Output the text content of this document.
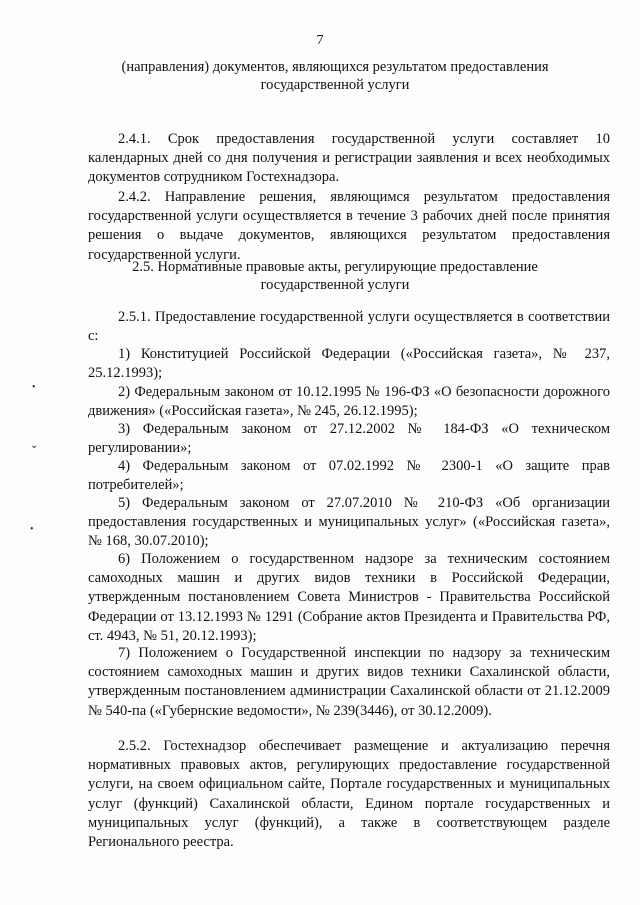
7
(направления) документов, являющихся результатом предоставления
государственной услуги

2.4.1. Срок предоставления государственной услуги составляет 10 календарных дней со дня получения и регистрации заявления и всех необходимых документов сотрудником Гостехнадзора.

2.4.2. Направление решения, являющимся результатом предоставления государственной услуги осуществляется в течение 3 рабочих дней после принятия решения о выдаче документов, являющихся результатом предоставления государственной услуги.

2.5. Нормативные правовые акты, регулирующие предоставление
государственной услуги

2.5.1. Предоставление государственной услуги осуществляется в соответствии с:

1) Конституцией Российской Федерации («Российская газета», № 237, 25.12.1993);

2) Федеральным законом от 10.12.1995 № 196-ФЗ «О безопасности дорожного движения» («Российская газета», № 245, 26.12.1995);

3) Федеральным законом от 27.12.2002 № 184-ФЗ «О техническом регулировании»;

4) Федеральным законом от 07.02.1992 № 2300-1 «О защите прав потребителей»;

5) Федеральным законом от 27.07.2010 № 210-ФЗ «Об организации предоставления государственных и муниципальных услуг» («Российская газета», № 168, 30.07.2010);

6) Положением о государственном надзоре за техническим состоянием самоходных машин и других видов техники в Российской Федерации, утвержденным постановлением Совета Министров - Правительства Российской Федерации от 13.12.1993 № 1291 (Собрание актов Президента и Правительства РФ, ст. 4943, № 51, 20.12.1993);

7) Положением о Государственной инспекции по надзору за техническим состоянием самоходных машин и других видов техники Сахалинской области, утвержденным постановлением администрации Сахалинской области от 21.12.2009 № 540-па («Губернские ведомости», № 239(3446), от 30.12.2009).

2.5.2. Гостехнадзор обеспечивает размещение и актуализацию перечня нормативных правовых актов, регулирующих предоставление государственной услуги, на своем официальном сайте, Портале государственных и муниципальных услуг (функций) Сахалинской области, Едином портале государственных и муниципальных услуг (функций), а также в соответствующем разделе Регионального реестра.

•
⌄
•
